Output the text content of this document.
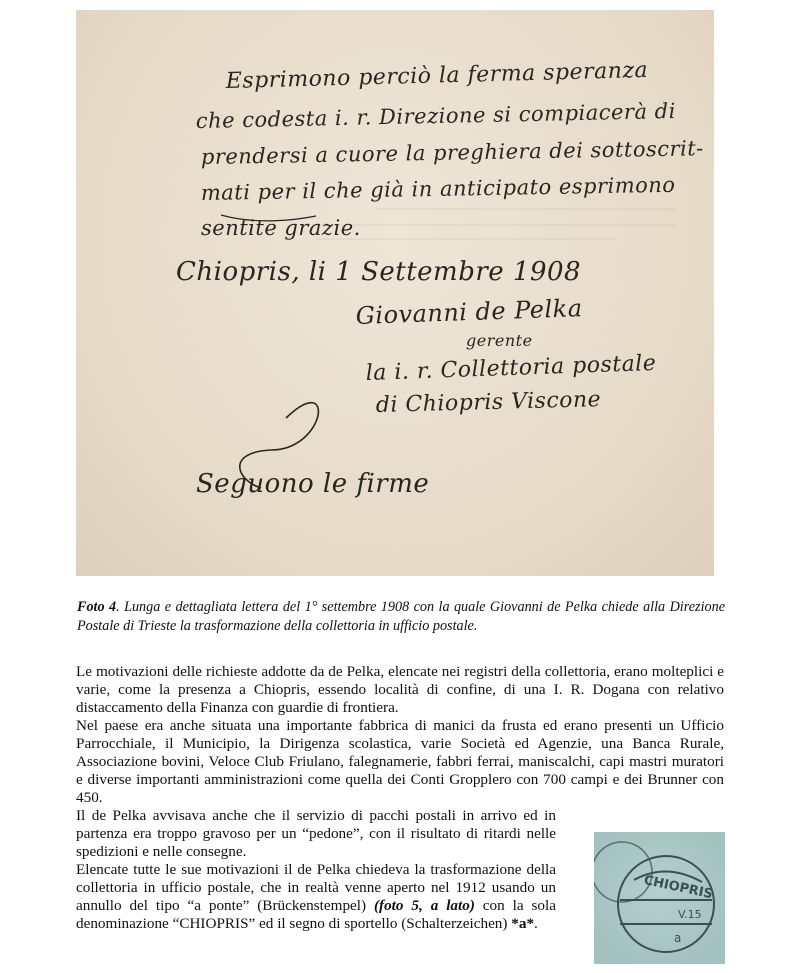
Esprimono perciò la ferma speranza
che codesta i. r. Direzione si compiacerà di
prendersi a cuore la preghiera dei sottoscrit-
mati per il che già in anticipato esprimono
sentite grazie.
Chiopris, li 1 Settembre 1908
Giovanni de Pelka
gerente
la i. r. Collettoria postale
di Chiopris Viscone
Seguono le firme
Foto 4. Lunga e dettagliata lettera del 1° settembre 1908 con la quale Giovanni de Pelka chiede alla Direzione Postale di Trieste la trasformazione della collettoria in ufficio postale.

Le motivazioni delle richieste addotte da de Pelka, elencate nei registri della collettoria, erano molteplici e varie, come la presenza a Chiopris, essendo località di confine, di una I. R. Dogana con relativo distaccamento della Finanza con guardie di frontiera.

Nel paese era anche situata una importante fabbrica di manici da frusta ed erano presenti un Ufficio Parrocchiale, il Municipio, la Dirigenza scolastica, varie Società ed Agenzie, una Banca Rurale, Associazione bovini, Veloce Club Friulano, falegnamerie, fabbri ferrai, maniscalchi, capi mastri muratori e diverse importanti amministrazioni come quella dei Conti Gropplero con 700 campi e dei Brunner con 450.

Il de Pelka avvisava anche che il servizio di pacchi postali in arrivo ed in partenza era troppo gravoso per un “pedone”, con il risultato di ritardi nelle spedizioni e nelle consegne.

Elencate tutte le sue motivazioni il de Pelka chiedeva la trasformazione della collettoria in ufficio postale, che in realtà venne aperto nel 1912 usando un annullo del tipo “a ponte” (Brückenstempel) (foto 5, a lato) con la sola denominazione “CHIOPRIS” ed il segno di sportello (Schalterzeichen) *a*.

CHIOPRIS
V.15
a
